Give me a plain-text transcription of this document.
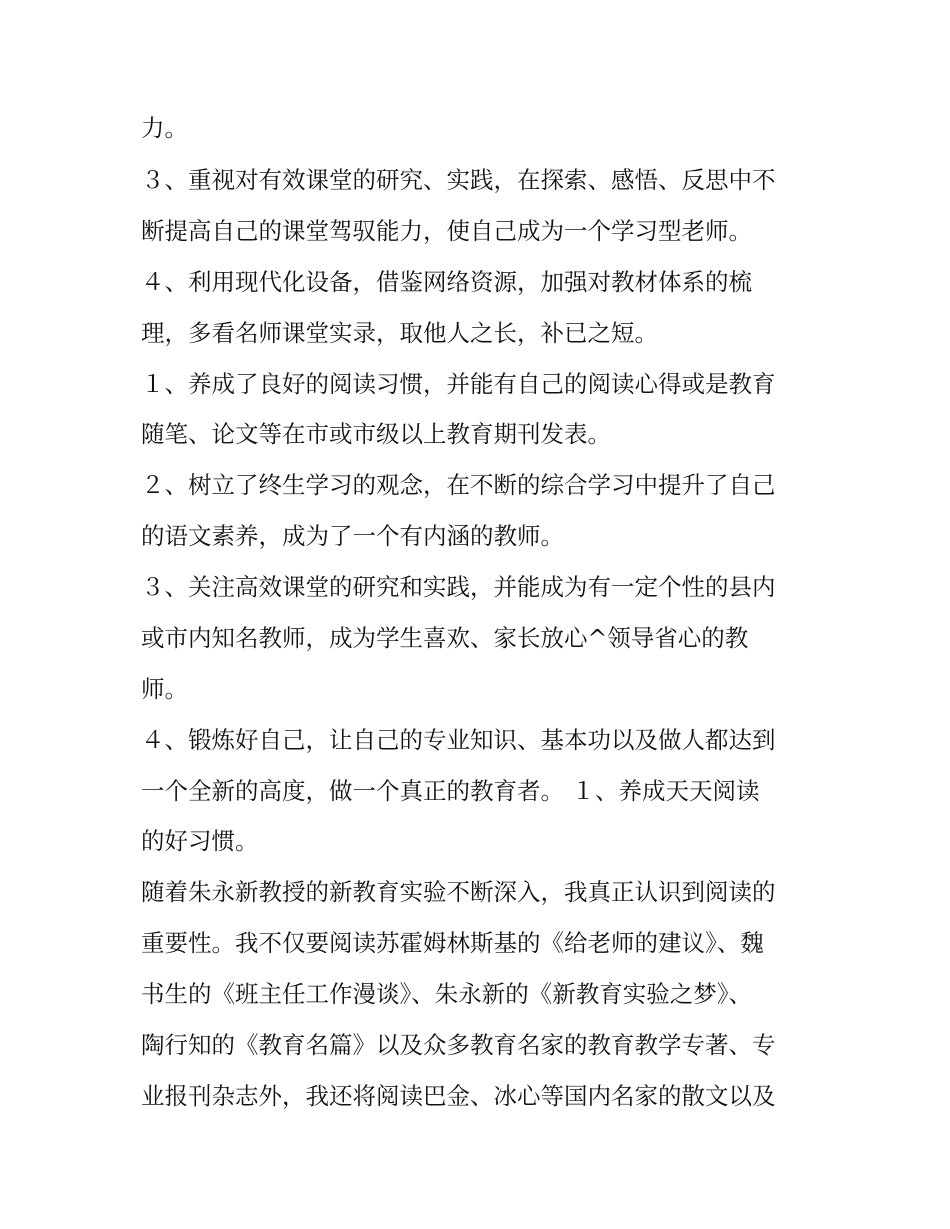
力。
３、重视对有效课堂的研究、实践，在探索、感悟、反思中不
断提高自己的课堂驾驭能力，使自己成为一个学习型老师。
４、利用现代化设备，借鉴网络资源，加强对教材体系的梳
理，多看名师课堂实录，取他人之长，补已之短。
１、养成了良好的阅读习惯，并能有自己的阅读心得或是教育
随笔、论文等在市或市级以上教育期刊发表。
２、树立了终生学习的观念，在不断的综合学习中提升了自己
的语文素养，成为了一个有内涵的教师。
３、关注高效课堂的研究和实践，并能成为有一定个性的县内
或市内知名教师，成为学生喜欢、家长放心^领导省心的教
师。
４、锻炼好自己，让自己的专业知识、基本功以及做人都达到
一个全新的高度，做一个真正的教育者。 １、养成天天阅读
的好习惯。
随着朱永新教授的新教育实验不断深入，我真正认识到阅读的
重要性。我不仅要阅读苏霍姆林斯基的《给老师的建议》、魏
书生的《班主任工作漫谈》、朱永新的《新教育实验之梦》、
陶行知的《教育名篇》以及众多教育名家的教育教学专著、专
业报刊杂志外，我还将阅读巴金、冰心等国内名家的散文以及
